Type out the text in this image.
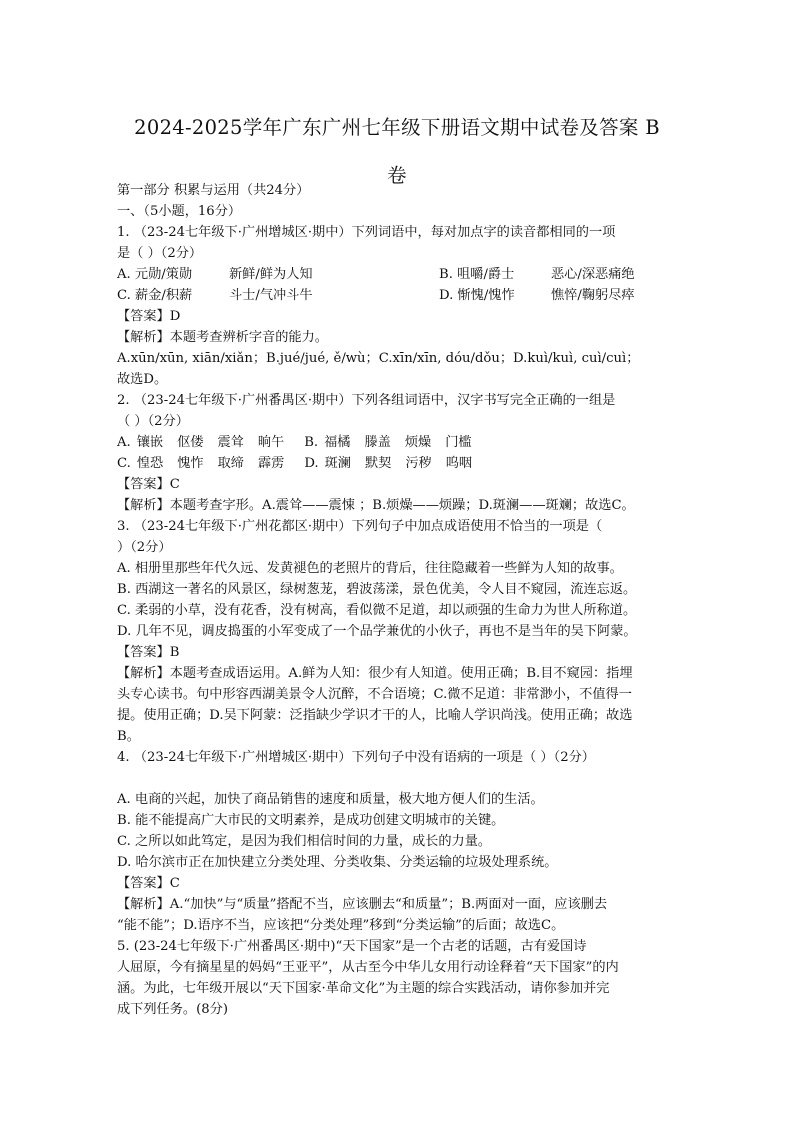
2024-2025学年广东广州七年级下册语文期中试卷及答案 B
卷
第一部分 积累与运用（共24分）
一、（5小题，16分）
1. （23-24七年级下·广州增城区·期中）下列词语中，每对加点字的读音都相同的一项
是（ ）（2分）
A. 元勋/策勋	新鲜/鲜为人知	B. 咀嚼/爵士	恶心/深恶痛绝
C. 薪金/积薪	斗士/气冲斗牛	D. 惭愧/愧怍	憔悴/鞠躬尽瘁
【答案】D
【解析】本题考查辨析字音的能力。
A.xūn/xūn, xiān/xiǎn；B.jué/jué, ě/wù；C.xīn/xīn, dóu/dǒu；D.kuì/kuì, cuì/cuì；
故选D。
2. （23-24七年级下·广州番禺区·期中）下列各组词语中，汉字书写完全正确的一组是
（ ）（2分）
A. 镶嵌 伛偻 震耸 晌午 B. 福橘 滕盖 烦燥 门槛
C. 惶恐 愧怍 取缔 霹雳 D. 斑澜 默契 污秽 呜咽
【答案】C
【解析】本题考查字形。A.震耸——震悚 ；B.烦燥——烦躁；D.斑澜——斑斓；故选C。
3. （23-24七年级下·广州花都区·期中）下列句子中加点成语使用不恰当的一项是（
）（2分）
A. 相册里那些年代久远、发黄褪色的老照片的背后，往往隐藏着一些鲜为人知的故事。
B. 西湖这一著名的风景区，绿树葱茏，碧波荡漾，景色优美，令人目不窥园，流连忘返。
C. 柔弱的小草，没有花香，没有树高，看似微不足道，却以顽强的生命力为世人所称道。
D. 几年不见，调皮捣蛋的小军变成了一个品学兼优的小伙子，再也不是当年的吴下阿蒙。
【答案】B
【解析】本题考查成语运用。A.鲜为人知：很少有人知道。使用正确；B.目不窥园：指埋
头专心读书。句中形容西湖美景令人沉醉，不合语境；C.微不足道：非常渺小，不值得一
提。使用正确；D.吴下阿蒙：泛指缺少学识才干的人，比喻人学识尚浅。使用正确；故选
B。
4. （23-24七年级下·广州增城区·期中）下列句子中没有语病的一项是（ ）（2分）
A. 电商的兴起，加快了商品销售的速度和质量，极大地方便人们的生活。
B. 能不能提高广大市民的文明素养，是成功创建文明城市的关键。
C. 之所以如此笃定，是因为我们相信时间的力量，成长的力量。
D. 哈尔滨市正在加快建立分类处理、分类收集、分类运输的垃圾处理系统。
【答案】C
【解析】A.“加快”与“质量”搭配不当，应该删去“和质量”；B.两面对一面，应该删去
“能不能”；D.语序不当，应该把“分类处理”移到“分类运输”的后面；故选C。
5. (23-24七年级下·广州番禺区·期中)“天下国家”是一个古老的话题，古有爱国诗
人屈原，今有摘星星的妈妈“王亚平”，从古至今中华儿女用行动诠释着“天下国家”的内
涵。为此，七年级开展以“天下国家·革命文化”为主题的综合实践活动，请你参加并完
成下列任务。(8分)
